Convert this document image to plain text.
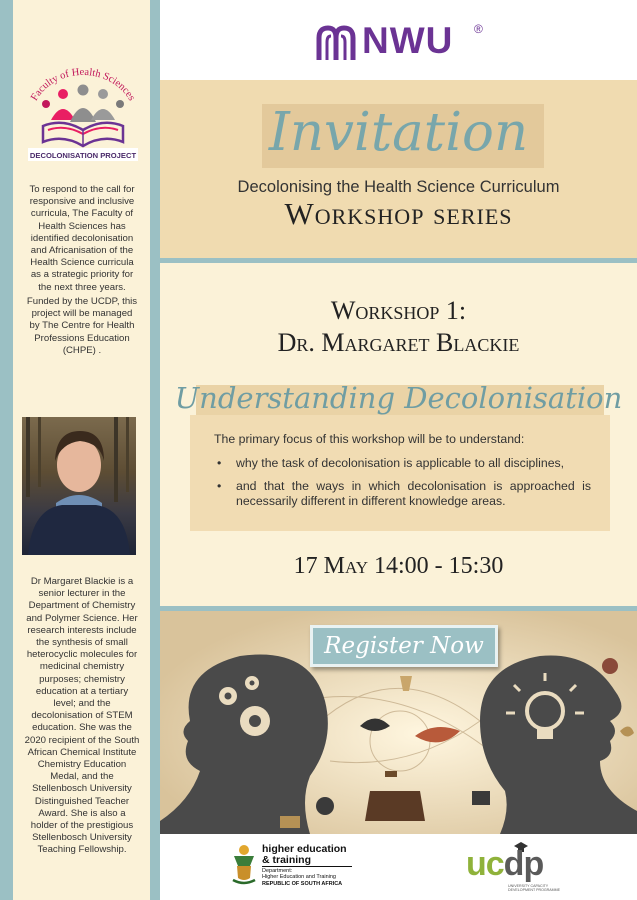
Faculty of Health Sciences
DECOLONISATION PROJECT
To respond to the call for responsive and inclusive curricula, The Faculty of Health Sciences has identified decolonisation and Africanisation of the Health Science curricula as a strategic priority for the next three years.
Funded by the UCDP, this project will be managed by The Centre for Health Professions Education (CHPE) .
Dr Margaret Blackie is a senior lecturer in the Department of Chemistry and Polymer Science. Her research interests include the synthesis of small heterocyclic molecules for medicinal chemistry purposes; chemistry education at a tertiary level; and the decolonisation of STEM education. She was the 2020 recipient of the South African Chemical Institute Chemistry Education Medal, and the Stellenbosch University Distinguished Teacher Award. She is also a holder of the prestigious Stellenbosch University Teaching Fellowship.
NWU ®
Invitation
Decolonising the Health Science Curriculum
Workshop series
Workshop 1:
Dr. Margaret Blackie
Understanding Decolonisation
The primary focus of this workshop will be to understand:
• why the task of decolonisation is applicable to all disciplines,
• and that the ways in which decolonisation is approached is necessarily different in different knowledge areas.
17 May 14:00 - 15:30
Register Now
higher education
& training
Department:
Higher Education and Training
REPUBLIC OF SOUTH AFRICA
ucdp
UNIVERSITY CAPACITY DEVELOPMENT PROGRAMME
